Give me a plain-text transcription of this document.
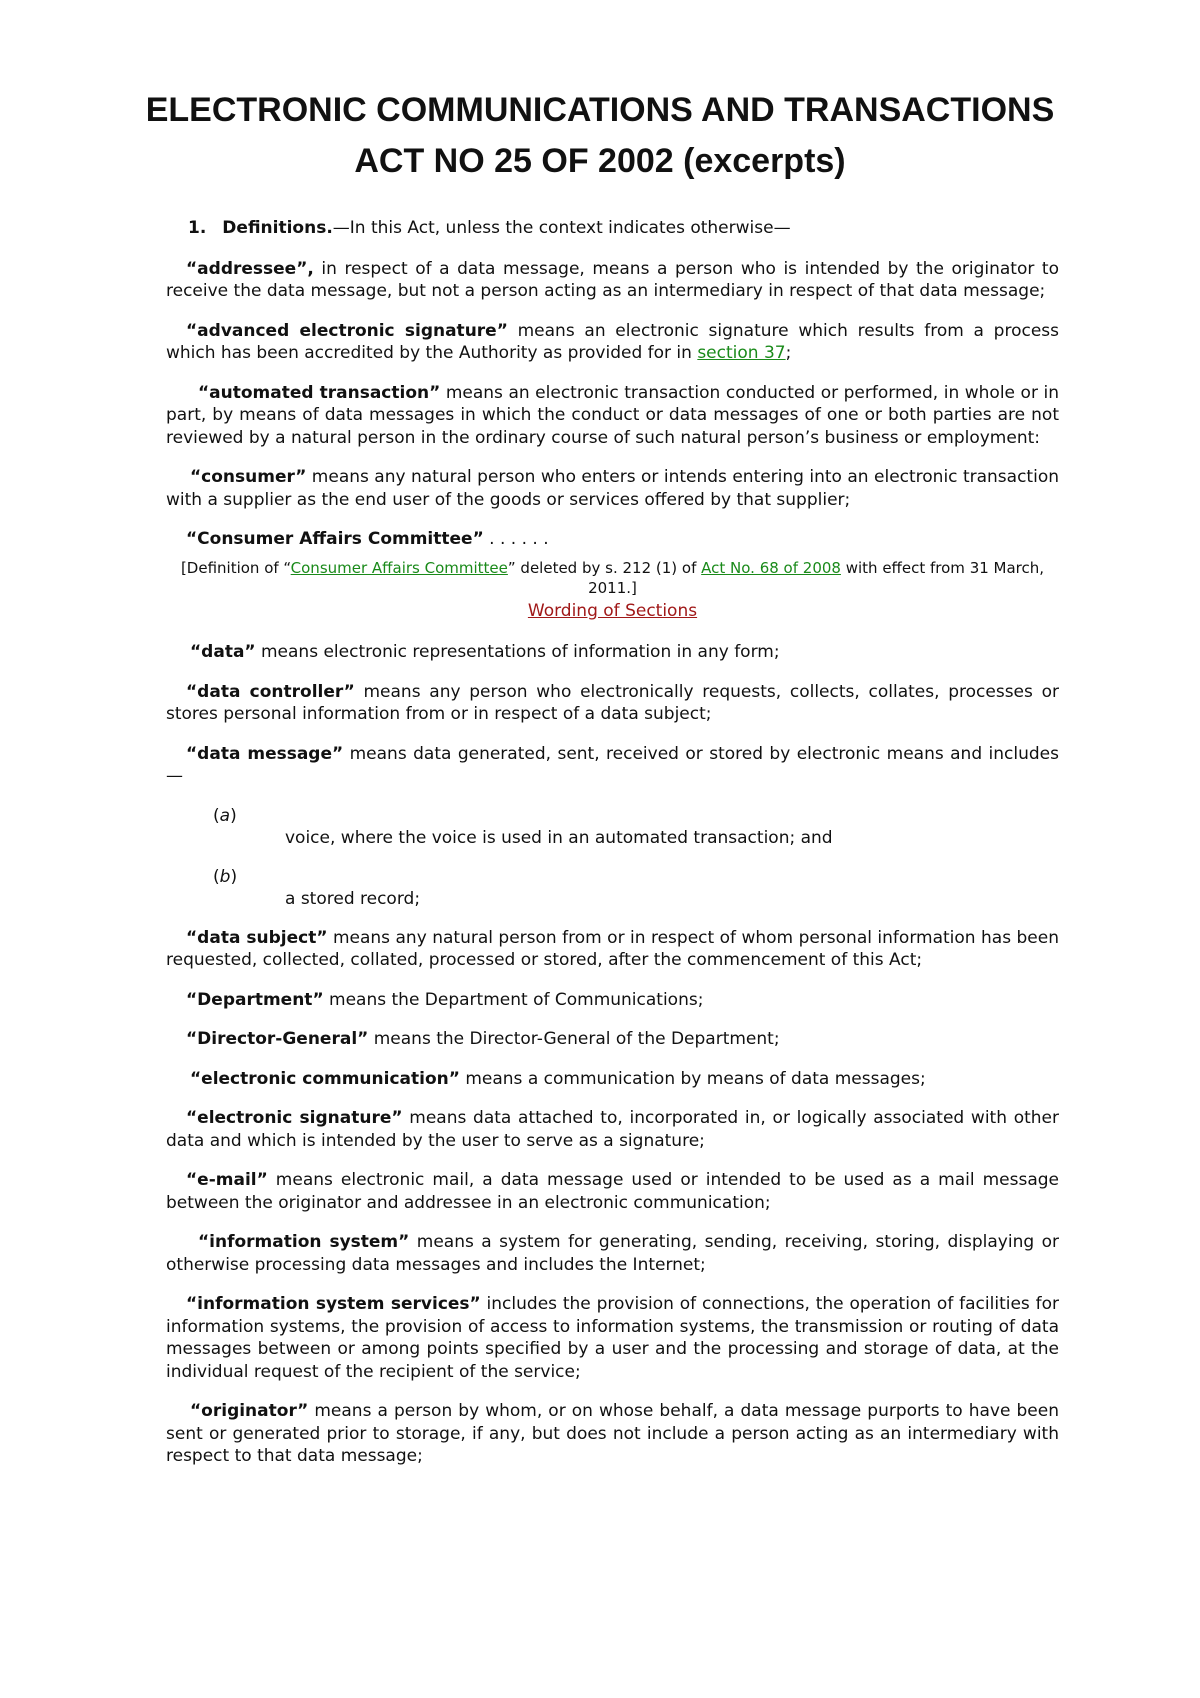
ELECTRONIC COMMUNICATIONS AND TRANSACTIONS
ACT NO 25 OF 2002 (excerpts)
1. Definitions.—In this Act, unless the context indicates otherwise—

“addressee”, in respect of a data message, means a person who is intended by the originator to receive the data message, but not a person acting as an intermediary in respect of that data message;

“advanced electronic signature” means an electronic signature which results from a process which has been accredited by the Authority as provided for in section 37;

“automated transaction” means an electronic transaction conducted or performed, in whole or in part, by means of data messages in which the conduct or data messages of one or both parties are not reviewed by a natural person in the ordinary course of such natural person’s business or employment:

“consumer” means any natural person who enters or intends entering into an electronic transaction with a supplier as the end user of the goods or services offered by that supplier;

“Consumer Affairs Committee” . . . . . .

[Definition of “Consumer Affairs Committee” deleted by s. 212 (1) of Act No. 68 of 2008 with effect from 31 March, 2011.]
Wording of Sections

“data” means electronic representations of information in any form;

“data controller” means any person who electronically requests, collects, collates, processes or stores personal information from or in respect of a data subject;

“data message” means data generated, sent, received or stored by electronic means and includes—

(a)
voice, where the voice is used in an automated transaction; and
(b)
a stored record;

“data subject” means any natural person from or in respect of whom personal information has been requested, collected, collated, processed or stored, after the commencement of this Act;

“Department” means the Department of Communications;

“Director-General” means the Director-General of the Department;

“electronic communication” means a communication by means of data messages;

“electronic signature” means data attached to, incorporated in, or logically associated with other data and which is intended by the user to serve as a signature;

“e-mail” means electronic mail, a data message used or intended to be used as a mail message between the originator and addressee in an electronic communication;

“information system” means a system for generating, sending, receiving, storing, displaying or otherwise processing data messages and includes the Internet;

“information system services” includes the provision of connections, the operation of facilities for information systems, the provision of access to information systems, the transmission or routing of data messages between or among points specified by a user and the processing and storage of data, at the individual request of the recipient of the service;

“originator” means a person by whom, or on whose behalf, a data message purports to have been sent or generated prior to storage, if any, but does not include a person acting as an intermediary with respect to that data message;
